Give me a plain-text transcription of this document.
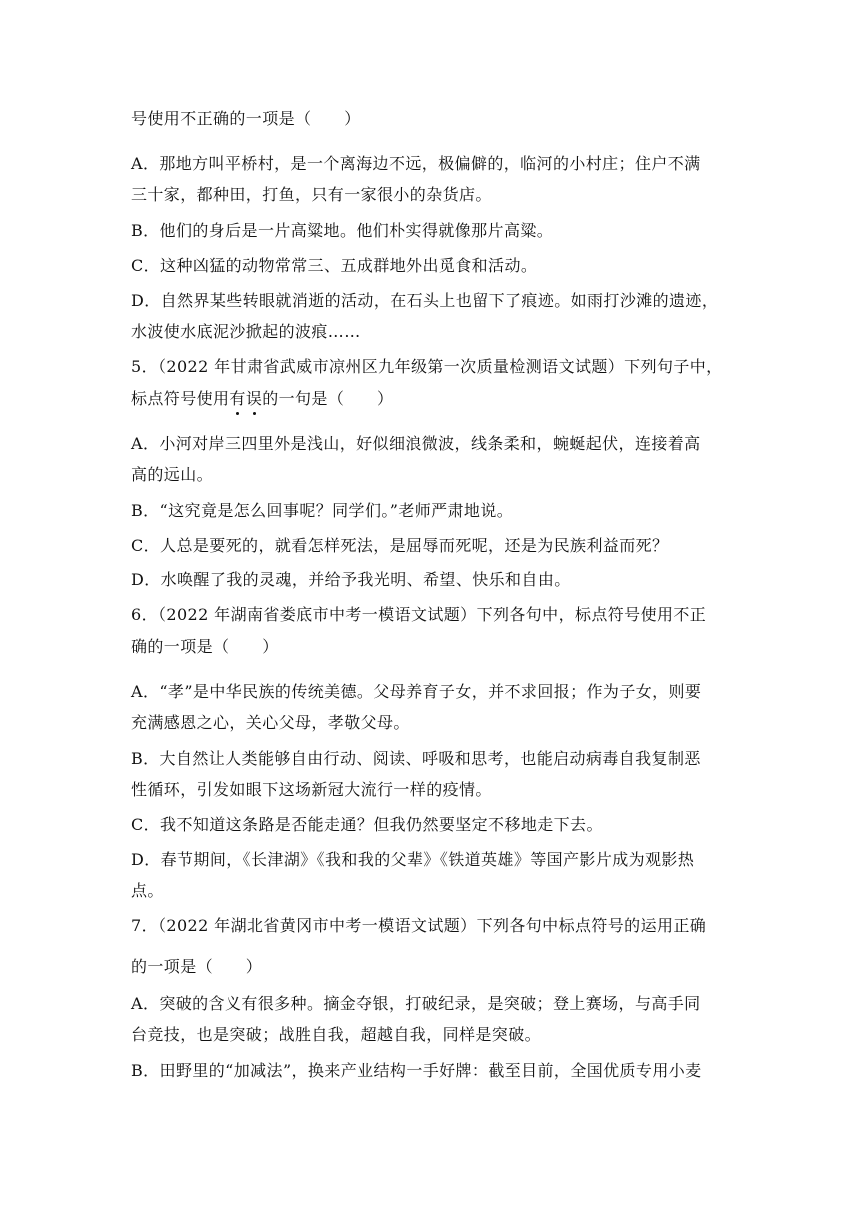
号使用不正确的一项是（　　）
A．那地方叫平桥村，是一个离海边不远，极偏僻的，临河的小村庄；住户不满
三十家，都种田，打鱼，只有一家很小的杂货店。
B．他们的身后是一片高粱地。他们朴实得就像那片高粱。
C．这种凶猛的动物常常三、五成群地外出觅食和活动。
D．自然界某些转眼就消逝的活动，在石头上也留下了痕迹。如雨打沙滩的遗迹，
水波使水底泥沙掀起的波痕……
5．（2022 年甘肃省武威市凉州区九年级第一次质量检测语文试题）下列句子中，
标点符号使用有误的一句是（　　）
A．小河对岸三四里外是浅山，好似细浪微波，线条柔和，蜿蜒起伏，连接着高
高的远山。
B．“这究竟是怎么回事呢？同学们。”老师严肃地说。
C．人总是要死的，就看怎样死法，是屈辱而死呢，还是为民族利益而死？
D．水唤醒了我的灵魂，并给予我光明、希望、快乐和自由。
6．（2022 年湖南省娄底市中考一模语文试题）下列各句中，标点符号使用不正
确的一项是（　　）
A．“孝”是中华民族的传统美德。父母养育子女，并不求回报；作为子女，则要
充满感恩之心，关心父母，孝敬父母。
B．大自然让人类能够自由行动、阅读、呼吸和思考，也能启动病毒自我复制恶
性循环，引发如眼下这场新冠大流行一样的疫情。
C．我不知道这条路是否能走通？但我仍然要坚定不移地走下去。
D．春节期间，《长津湖》《我和我的父辈》《铁道英雄》等国产影片成为观影热
点。
7．（2022 年湖北省黄冈市中考一模语文试题）下列各句中标点符号的运用正确
的一项是（　　）
A．突破的含义有很多种。摘金夺银，打破纪录，是突破；登上赛场，与高手同
台竞技，也是突破；战胜自我，超越自我，同样是突破。
B．田野里的“加减法”，换来产业结构一手好牌：截至目前，全国优质专用小麦
